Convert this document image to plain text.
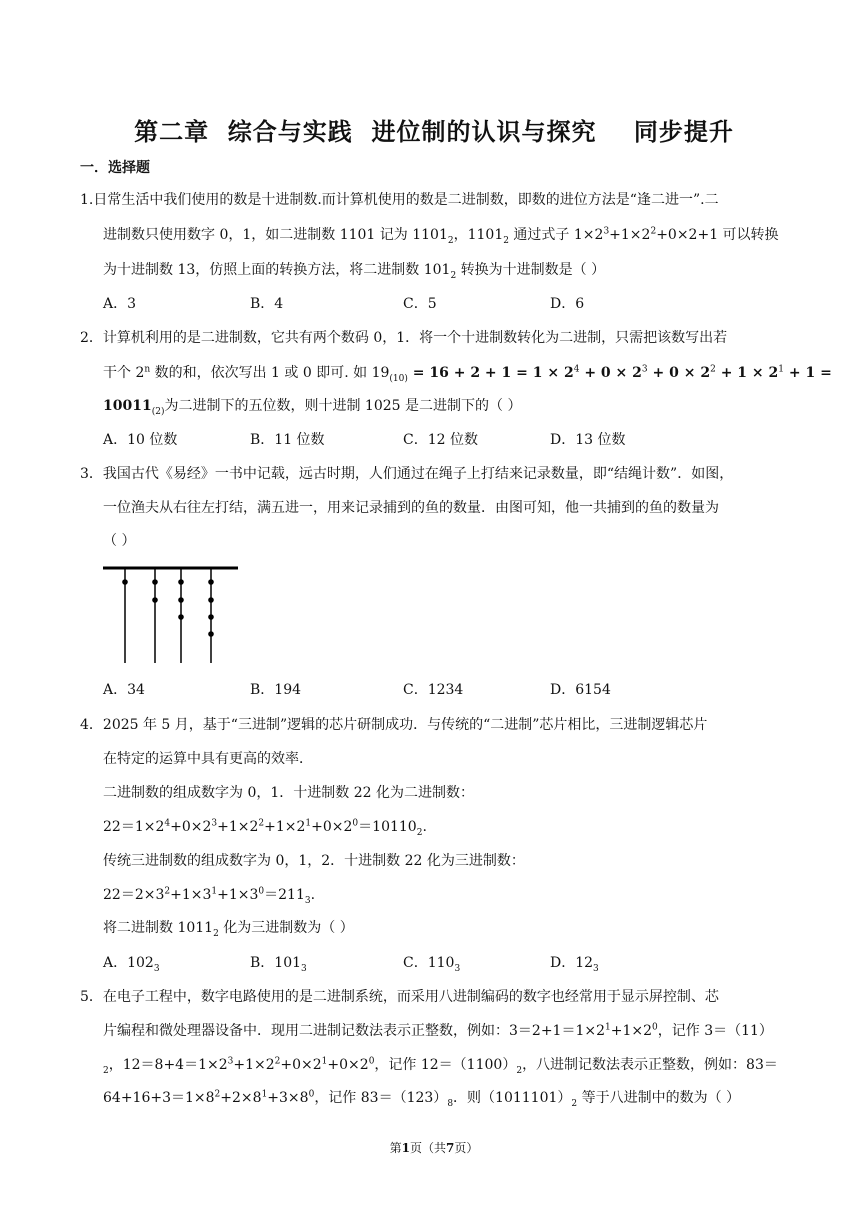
第二章  综合与实践  进位制的认识与探究    同步提升
一．选择题
1.日常生活中我们使用的数是十进制数.而计算机使用的数是二进制数，即数的进位方法是“逢二进一”.二
进制数只使用数字 0，1，如二进制数 1101 记为 $1101_2$，$1101_2$ 通过式子 $1\times 2^3+1\times 2^2+0\times 2+1$ 可以转换
为十进制数 13，仿照上面的转换方法，将二进制数 $101_2$ 转换为十进制数是（ ）
A．3	B．4	C．5	D．6
2．计算机利用的是二进制数，它共有两个数码 0，1．将一个十进制数转化为二进制，只需把该数写出若
干个 2$^n$ 数的和，依次写出 1 或 0 即可. 如 $19_{(10)} = 16 + 2 + 1 = 1 \times 2^4 + 0 \times 2^3 + 0 \times 2^2 + 1 \times 2^1 + 1$ =
$10011_{(2)}$为二进制下的五位数，则十进制 1025 是二进制下的（ ）
A．10 位数	B．11 位数	C．12 位数	D．13 位数
3．我国古代《易经》一书中记载，远古时期，人们通过在绳子上打结来记录数量，即“结绳计数”．如图，
一位渔夫从右往左打结，满五进一，用来记录捕到的鱼的数量．由图可知，他一共捕到的鱼的数量为
（ ）
A．34	B．194	C．1234	D．6154
4．2025 年 5 月，基于“三进制”逻辑的芯片研制成功．与传统的“二进制”芯片相比，三进制逻辑芯片
在特定的运算中具有更高的效率．
二进制数的组成数字为 0，1．十进制数 22 化为二进制数：
$22=1\times 2^4+0\times 2^3+1\times 2^2+1\times 2^1+0\times 2^0=10110_2$.
传统三进制数的组成数字为 0，1，2．十进制数 22 化为三进制数：
$22=2\times 3^2+1\times 3^1+1\times 3^0=211_3$.
将二进制数 $1011_2$ 化为三进制数为（ ）
A．$102_3$	B．$101_3$	C．$110_3$	D．$12_3$
5．在电子工程中，数字电路使用的是二进制系统，而采用八进制编码的数字也经常用于显示屏控制、芯
片编程和微处理器设备中．现用二进制记数法表示正整数，例如：$3=2+1=1\times 2^1+1\times 2^0$，记作 3＝（11）
$_2$，$12=8+4=1\times 2^3+1\times 2^2+0\times 2^1+0\times 2^0$，记作 $12=(1100)_2$，八进制记数法表示正整数，例如：83＝
$64+16+3=1\times 8^2+2\times 8^1+3\times 8^0$，记作 $83=(123)_8$．则$(1011101)_2$ 等于八进制中的数为（ ）
第1页（共7页）
